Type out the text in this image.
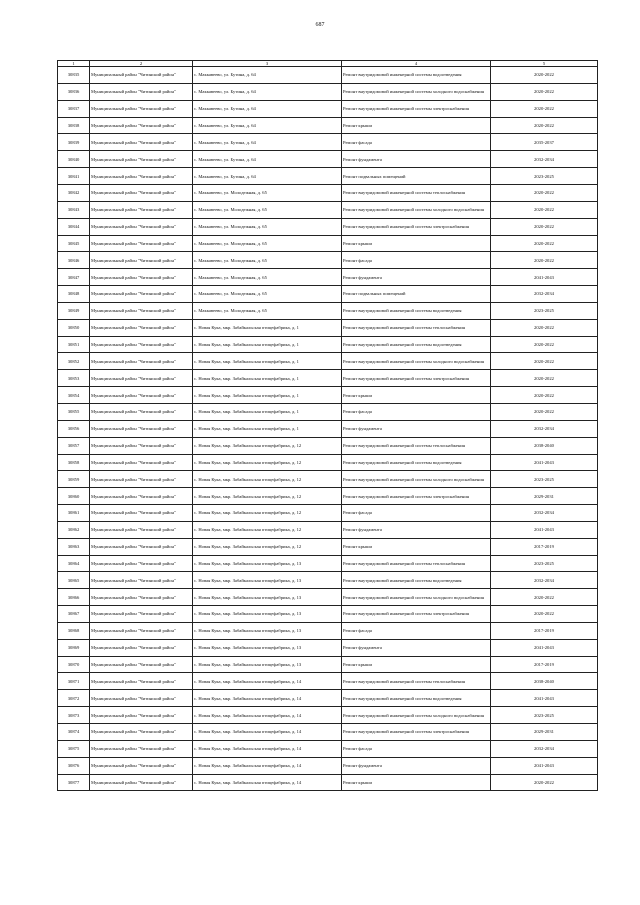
687
1	2	3	4	5
30835	Муниципальный район "Читинский район"	с. Маккавеево, ул. Бутина, д. 64	Ремонт внутридомовой инженерной системы водоотведения	2020-2022
30836	Муниципальный район "Читинский район"	с. Маккавеево, ул. Бутина, д. 64	Ремонт внутридомовой инженерной системы холодного водоснабжения	2020-2022
30837	Муниципальный район "Читинский район"	с. Маккавеево, ул. Бутина, д. 64	Ремонт внутридомовой инженерной системы электроснабжения	2020-2022
30838	Муниципальный район "Читинский район"	с. Маккавеево, ул. Бутина, д. 64	Ремонт крыши	2020-2022
30839	Муниципальный район "Читинский район"	с. Маккавеево, ул. Бутина, д. 64	Ремонт фасада	2035-2037
30840	Муниципальный район "Читинский район"	с. Маккавеево, ул. Бутина, д. 64	Ремонт фундамента	2032-2034
30841	Муниципальный район "Читинский район"	с. Маккавеево, ул. Бутина, д. 64	Ремонт подвальных помещений	2023-2025
30842	Муниципальный район "Читинский район"	с. Маккавеево, ул. Молодежная, д. 65	Ремонт внутридомовой инженерной системы теплоснабжения	2020-2022
30843	Муниципальный район "Читинский район"	с. Маккавеево, ул. Молодежная, д. 65	Ремонт внутридомовой инженерной системы холодного водоснабжения	2020-2022
30844	Муниципальный район "Читинский район"	с. Маккавеево, ул. Молодежная, д. 65	Ремонт внутридомовой инженерной системы электроснабжения	2020-2022
30845	Муниципальный район "Читинский район"	с. Маккавеево, ул. Молодежная, д. 65	Ремонт крыши	2020-2022
30846	Муниципальный район "Читинский район"	с. Маккавеево, ул. Молодежная, д. 65	Ремонт фасада	2020-2022
30847	Муниципальный район "Читинский район"	с. Маккавеево, ул. Молодежная, д. 65	Ремонт фундамента	2041-2043
30848	Муниципальный район "Читинский район"	с. Маккавеево, ул. Молодежная, д. 65	Ремонт подвальных помещений	2032-2034
30849	Муниципальный район "Читинский район"	с. Маккавеево, ул. Молодежная, д. 65	Ремонт внутридомовой инженерной системы водоотведения	2023-2025
30850	Муниципальный район "Читинский район"	с. Новая Кука, мкр. Забайкальская птицефабрика, д. 1	Ремонт внутридомовой инженерной системы теплоснабжения	2020-2022
30851	Муниципальный район "Читинский район"	с. Новая Кука, мкр. Забайкальская птицефабрика, д. 1	Ремонт внутридомовой инженерной системы водоотведения	2020-2022
30852	Муниципальный район "Читинский район"	с. Новая Кука, мкр. Забайкальская птицефабрика, д. 1	Ремонт внутридомовой инженерной системы холодного водоснабжения	2020-2022
30853	Муниципальный район "Читинский район"	с. Новая Кука, мкр. Забайкальская птицефабрика, д. 1	Ремонт внутридомовой инженерной системы электроснабжения	2020-2022
30854	Муниципальный район "Читинский район"	с. Новая Кука, мкр. Забайкальская птицефабрика, д. 1	Ремонт крыши	2020-2022
30855	Муниципальный район "Читинский район"	с. Новая Кука, мкр. Забайкальская птицефабрика, д. 1	Ремонт фасада	2020-2022
30856	Муниципальный район "Читинский район"	с. Новая Кука, мкр. Забайкальская птицефабрика, д. 1	Ремонт фундамента	2032-2034
30857	Муниципальный район "Читинский район"	с. Новая Кука, мкр. Забайкальская птицефабрика, д. 12	Ремонт внутридомовой инженерной системы теплоснабжения	2038-2040
30858	Муниципальный район "Читинский район"	с. Новая Кука, мкр. Забайкальская птицефабрика, д. 12	Ремонт внутридомовой инженерной системы водоотведения	2041-2043
30859	Муниципальный район "Читинский район"	с. Новая Кука, мкр. Забайкальская птицефабрика, д. 12	Ремонт внутридомовой инженерной системы холодного водоснабжения	2023-2025
30860	Муниципальный район "Читинский район"	с. Новая Кука, мкр. Забайкальская птицефабрика, д. 12	Ремонт внутридомовой инженерной системы электроснабжения	2029-2031
30861	Муниципальный район "Читинский район"	с. Новая Кука, мкр. Забайкальская птицефабрика, д. 12	Ремонт фасада	2032-2034
30862	Муниципальный район "Читинский район"	с. Новая Кука, мкр. Забайкальская птицефабрика, д. 12	Ремонт фундамента	2041-2043
30863	Муниципальный район "Читинский район"	с. Новая Кука, мкр. Забайкальская птицефабрика, д. 12	Ремонт крыши	2017-2019
30864	Муниципальный район "Читинский район"	с. Новая Кука, мкр. Забайкальская птицефабрика, д. 13	Ремонт внутридомовой инженерной системы теплоснабжения	2023-2025
30865	Муниципальный район "Читинский район"	с. Новая Кука, мкр. Забайкальская птицефабрика, д. 13	Ремонт внутридомовой инженерной системы водоотведения	2032-2034
30866	Муниципальный район "Читинский район"	с. Новая Кука, мкр. Забайкальская птицефабрика, д. 13	Ремонт внутридомовой инженерной системы холодного водоснабжения	2020-2022
30867	Муниципальный район "Читинский район"	с. Новая Кука, мкр. Забайкальская птицефабрика, д. 13	Ремонт внутридомовой инженерной системы электроснабжения	2020-2022
30868	Муниципальный район "Читинский район"	с. Новая Кука, мкр. Забайкальская птицефабрика, д. 13	Ремонт фасада	2017-2019
30869	Муниципальный район "Читинский район"	с. Новая Кука, мкр. Забайкальская птицефабрика, д. 13	Ремонт фундамента	2041-2043
30870	Муниципальный район "Читинский район"	с. Новая Кука, мкр. Забайкальская птицефабрика, д. 13	Ремонт крыши	2017-2019
30871	Муниципальный район "Читинский район"	с. Новая Кука, мкр. Забайкальская птицефабрика, д. 14	Ремонт внутридомовой инженерной системы теплоснабжения	2038-2040
30872	Муниципальный район "Читинский район"	с. Новая Кука, мкр. Забайкальская птицефабрика, д. 14	Ремонт внутридомовой инженерной системы водоотведения	2041-2043
30873	Муниципальный район "Читинский район"	с. Новая Кука, мкр. Забайкальская птицефабрика, д. 14	Ремонт внутридомовой инженерной системы холодного водоснабжения	2023-2025
30874	Муниципальный район "Читинский район"	с. Новая Кука, мкр. Забайкальская птицефабрика, д. 14	Ремонт внутридомовой инженерной системы электроснабжения	2029-2031
30875	Муниципальный район "Читинский район"	с. Новая Кука, мкр. Забайкальская птицефабрика, д. 14	Ремонт фасада	2032-2034
30876	Муниципальный район "Читинский район"	с. Новая Кука, мкр. Забайкальская птицефабрика, д. 14	Ремонт фундамента	2041-2043
30877	Муниципальный район "Читинский район"	с. Новая Кука, мкр. Забайкальская птицефабрика, д. 14	Ремонт крыши	2020-2022
